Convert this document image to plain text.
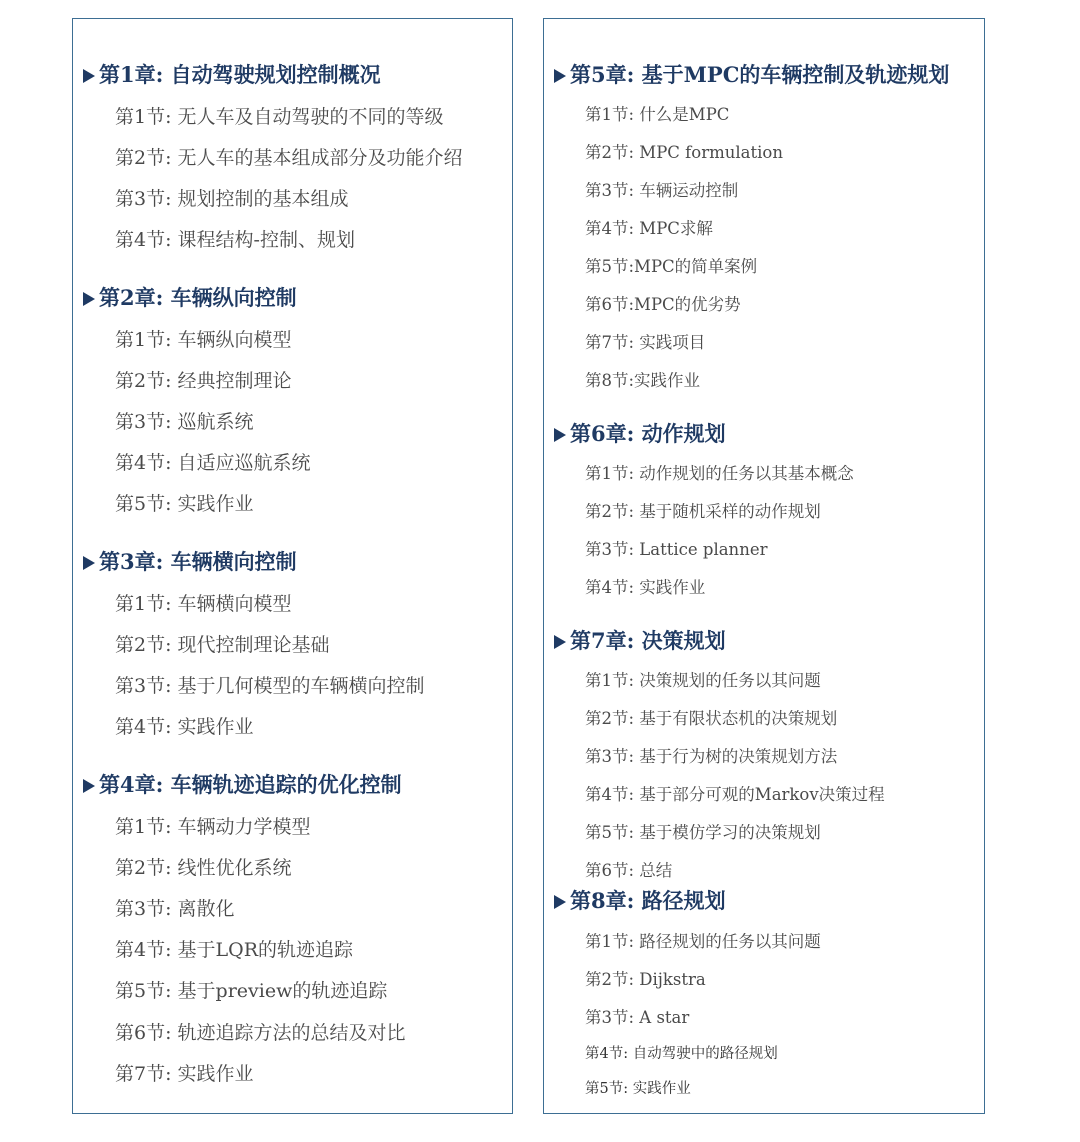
第1章: 自动驾驶规划控制概况
第1节: 无人车及自动驾驶的不同的等级
第2节: 无人车的基本组成部分及功能介绍
第3节: 规划控制的基本组成
第4节: 课程结构-控制、规划
第2章: 车辆纵向控制
第1节: 车辆纵向模型
第2节: 经典控制理论
第3节: 巡航系统
第4节: 自适应巡航系统
第5节: 实践作业
第3章: 车辆横向控制
第1节: 车辆横向模型
第2节: 现代控制理论基础
第3节: 基于几何模型的车辆横向控制
第4节: 实践作业
第4章: 车辆轨迹追踪的优化控制
第1节: 车辆动力学模型
第2节: 线性优化系统
第3节: 离散化
第4节: 基于LQR的轨迹追踪
第5节: 基于preview的轨迹追踪
第6节: 轨迹追踪方法的总结及对比
第7节: 实践作业
第5章: 基于MPC的车辆控制及轨迹规划
第1节: 什么是MPC
第2节: MPC formulation
第3节: 车辆运动控制
第4节: MPC求解
第5节:MPC的简单案例
第6节:MPC的优劣势
第7节: 实践项目
第8节:实践作业
第6章: 动作规划
第1节: 动作规划的任务以其基本概念
第2节: 基于随机采样的动作规划
第3节: Lattice planner
第4节: 实践作业
第7章: 决策规划
第1节: 决策规划的任务以其问题
第2节: 基于有限状态机的决策规划
第3节: 基于行为树的决策规划方法
第4节: 基于部分可观的Markov决策过程
第5节: 基于模仿学习的决策规划
第6节: 总结
第8章: 路径规划
第1节: 路径规划的任务以其问题
第2节: Dijkstra
第3节: A star
第4节: 自动驾驶中的路径规划
第5节: 实践作业
